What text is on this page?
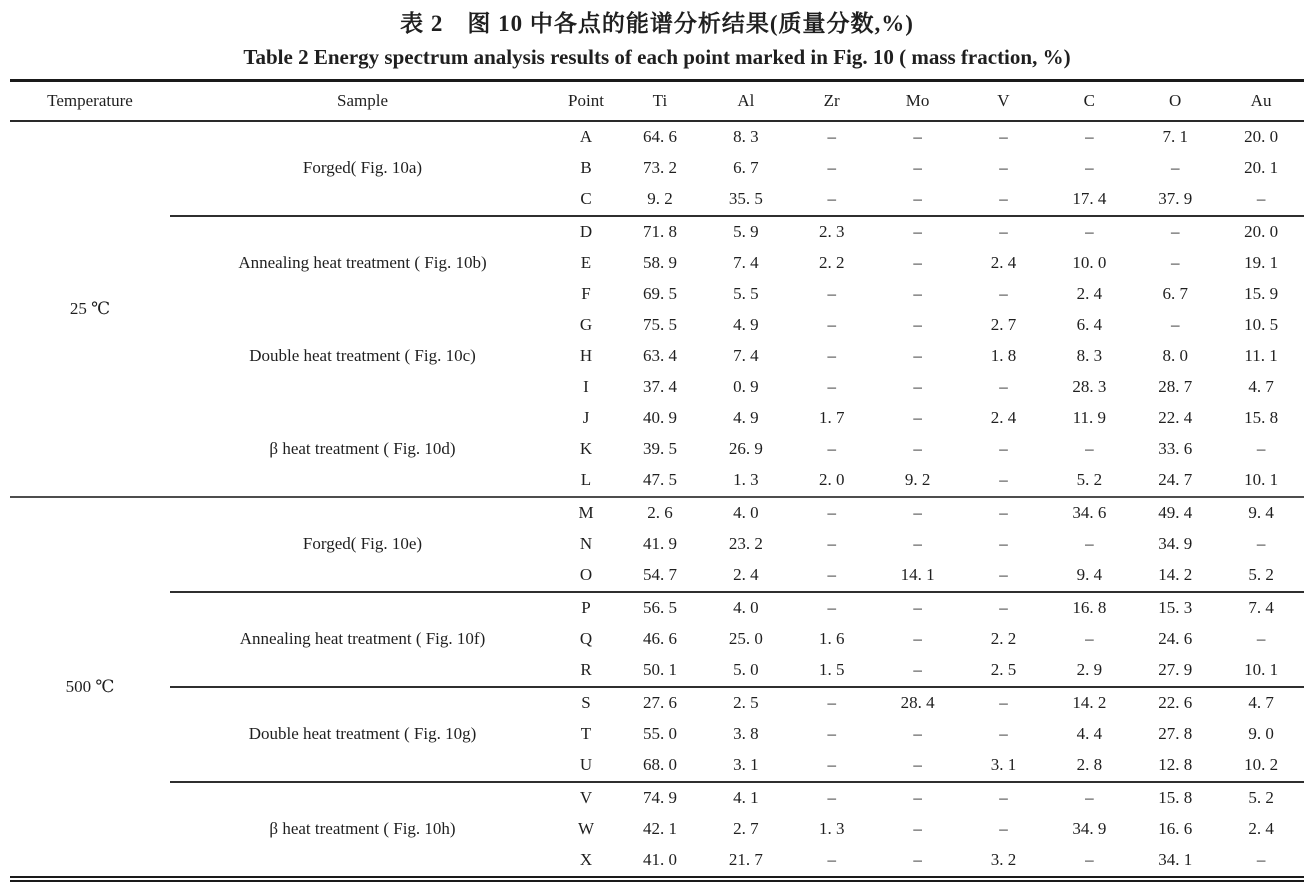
表 2　图 10 中各点的能谱分析结果(质量分数,%)
Table 2 Energy spectrum analysis results of each point marked in Fig. 10 ( mass fraction, %)
Temperature	Sample	Point	Ti	Al	Zr	Mo	V	C	O	Au
25 ℃	Forged( Fig. 10a)	A	64. 6	8. 3	–	–	–	–	7. 1	20. 0
		B	73. 2	6. 7	–	–	–	–	–	20. 1
		C	9. 2	35. 5	–	–	–	17. 4	37. 9	–
	Annealing heat treatment ( Fig. 10b)	D	71. 8	5. 9	2. 3	–	–	–	–	20. 0
		E	58. 9	7. 4	2. 2	–	2. 4	10. 0	–	19. 1
		F	69. 5	5. 5	–	–	–	2. 4	6. 7	15. 9
	Double heat treatment ( Fig. 10c)	G	75. 5	4. 9	–	–	2. 7	6. 4	–	10. 5
		H	63. 4	7. 4	–	–	1. 8	8. 3	8. 0	11. 1
		I	37. 4	0. 9	–	–	–	28. 3	28. 7	4. 7
	β heat treatment ( Fig. 10d)	J	40. 9	4. 9	1. 7	–	2. 4	11. 9	22. 4	15. 8
		K	39. 5	26. 9	–	–	–	–	33. 6	–
		L	47. 5	1. 3	2. 0	9. 2	–	5. 2	24. 7	10. 1
500 ℃	Forged( Fig. 10e)	M	2. 6	4. 0	–	–	–	34. 6	49. 4	9. 4
		N	41. 9	23. 2	–	–	–	–	34. 9	–
		O	54. 7	2. 4	–	14. 1	–	9. 4	14. 2	5. 2
	Annealing heat treatment ( Fig. 10f)	P	56. 5	4. 0	–	–	–	16. 8	15. 3	7. 4
		Q	46. 6	25. 0	1. 6	–	2. 2	–	24. 6	–
		R	50. 1	5. 0	1. 5	–	2. 5	2. 9	27. 9	10. 1
	Double heat treatment ( Fig. 10g)	S	27. 6	2. 5	–	28. 4	–	14. 2	22. 6	4. 7
		T	55. 0	3. 8	–	–	–	4. 4	27. 8	9. 0
		U	68. 0	3. 1	–	–	3. 1	2. 8	12. 8	10. 2
	β heat treatment ( Fig. 10h)	V	74. 9	4. 1	–	–	–	–	15. 8	5. 2
		W	42. 1	2. 7	1. 3	–	–	34. 9	16. 6	2. 4
		X	41. 0	21. 7	–	–	3. 2	–	34. 1	–
